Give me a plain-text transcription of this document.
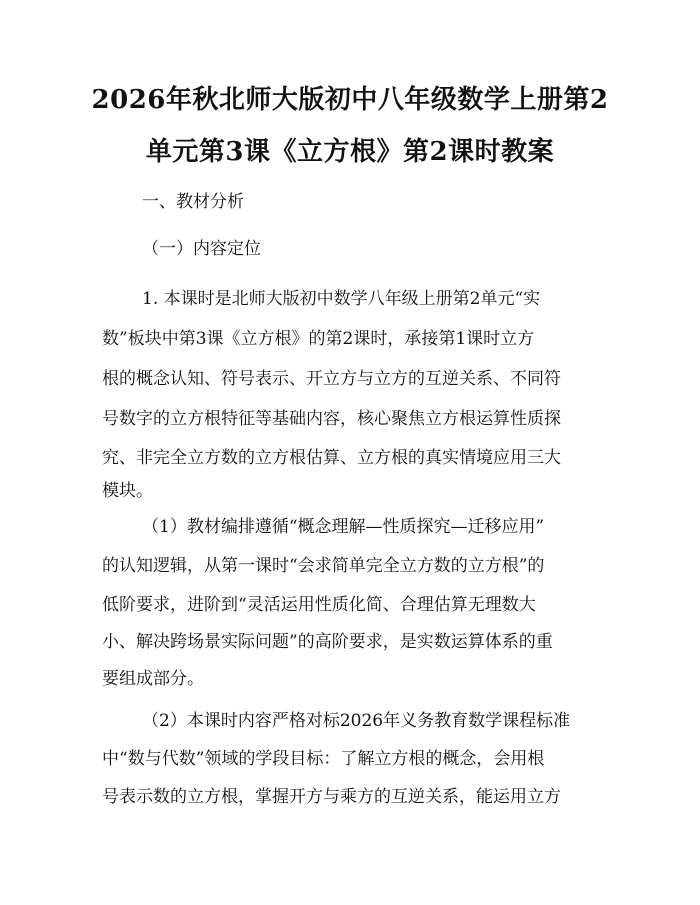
2026年秋北师大版初中八年级数学上册第2
单元第3课《立方根》第2课时教案
一、教材分析
（一）内容定位
1. 本课时是北师大版初中数学八年级上册第2单元“实
数”板块中第3课《立方根》的第2课时，承接第1课时立方
根的概念认知、符号表示、开立方与立方的互逆关系、不同符
号数字的立方根特征等基础内容，核心聚焦立方根运算性质探
究、非完全立方数的立方根估算、立方根的真实情境应用三大
模块。
（1）教材编排遵循“概念理解—性质探究—迁移应用”
的认知逻辑，从第一课时“会求简单完全立方数的立方根”的
低阶要求，进阶到“灵活运用性质化简、合理估算无理数大
小、解决跨场景实际问题”的高阶要求，是实数运算体系的重
要组成部分。
（2）本课时内容严格对标2026年义务教育数学课程标准
中“数与代数”领域的学段目标：了解立方根的概念，会用根
号表示数的立方根，掌握开方与乘方的互逆关系，能运用立方
